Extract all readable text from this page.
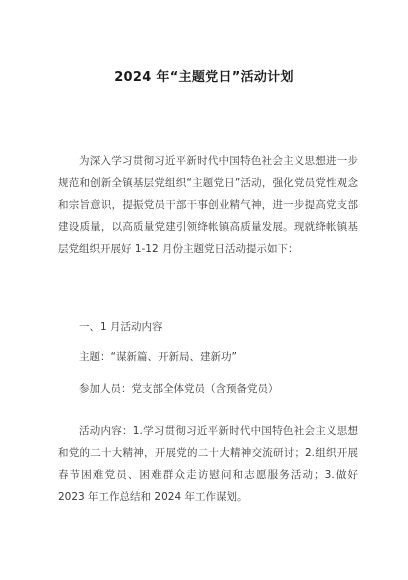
2024 年“主题党日”活动计划

为深入学习贯彻习近平新时代中国特色社会主义思想进一步规范和创新全镇基层党组织“主题党日”活动，强化党员党性观念和宗旨意识，提振党员干部干事创业精气神，进一步提高党支部建设质量，以高质量党建引领绛帐镇高质量发展。现就绛帐镇基层党组织开展好 1-12 月份主题党日活动提示如下：

一、1 月活动内容
主题：“谋新篇、开新局、建新功”
参加人员：党支部全体党员（含预备党员）

活动内容：1.学习贯彻习近平新时代中国特色社会主义思想和党的二十大精神，开展党的二十大精神交流研讨；2.组织开展春节困难党员、困难群众走访慰问和志愿服务活动；3.做好 2023 年工作总结和 2024 年工作谋划。
